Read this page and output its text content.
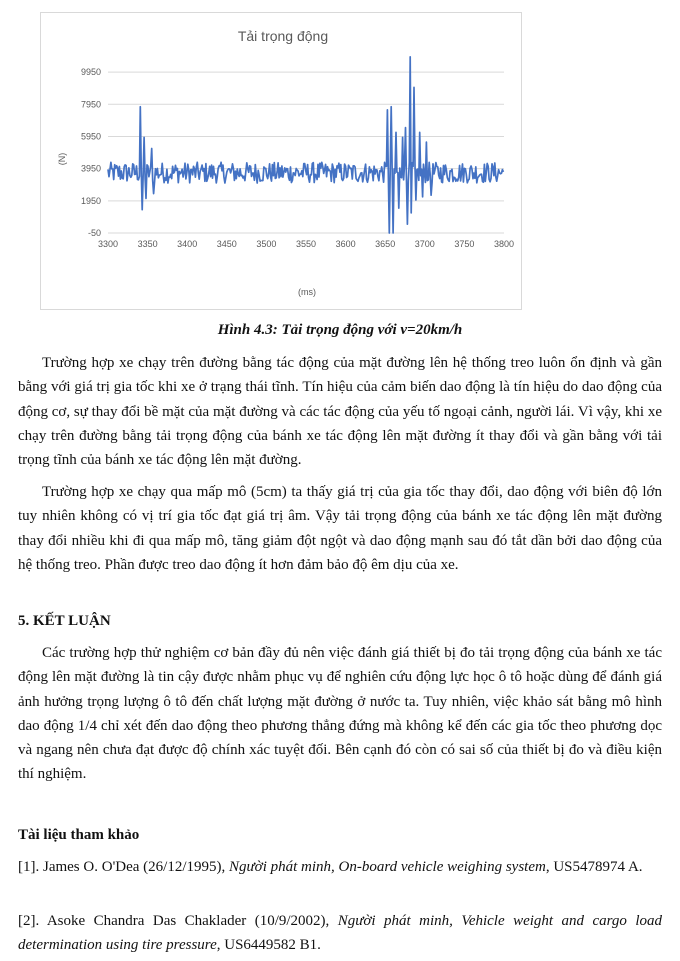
Tải trọng động
-50
1950
3950
5950
7950
9950
3300 3350 3400 3450 3500 3550 3600 3650 3700 3750 3800
(N)
(ms)
Hình 4.3: Tải trọng động với v=20km/h

Trường hợp xe chạy trên đường bằng tác động của mặt đường lên hệ thống treo luôn ổn định và gần bằng với giá trị gia tốc khi xe ở trạng thái tĩnh. Tín hiệu của cảm biến dao động là tín hiệu do dao động của động cơ, sự thay đổi bề mặt của mặt đường và các tác động của yếu tố ngoại cảnh, người lái. Vì vậy, khi xe chạy trên đường bằng tải trọng động của bánh xe tác động lên mặt đường ít thay đổi và gần bằng với tải trọng tĩnh của bánh xe tác động lên mặt đường.

Trường hợp xe chạy qua mấp mô (5cm) ta thấy giá trị của gia tốc thay đổi, dao động với biên độ lớn tuy nhiên không có vị trí gia tốc đạt giá trị âm. Vậy tải trọng động của bánh xe tác động lên mặt đường thay đổi nhiều khi đi qua mấp mô, tăng giảm đột ngột và dao động mạnh sau đó tắt dần bởi dao động của hệ thống treo. Phần được treo dao động ít hơn đảm bảo độ êm dịu của xe.

5. KẾT LUẬN

Các trường hợp thử nghiệm cơ bản đầy đủ nên việc đánh giá thiết bị đo tải trọng động của bánh xe tác động lên mặt đường là tin cậy được nhằm phục vụ để nghiên cứu động lực học ô tô hoặc dùng để đánh giá ảnh hưởng trọng lượng ô tô đến chất lượng mặt đường ở nước ta. Tuy nhiên, việc khảo sát bằng mô hình dao động 1/4 chỉ xét đến dao động theo phương thẳng đứng mà không kể đến các gia tốc theo phương dọc và ngang nên chưa đạt được độ chính xác tuyệt đối. Bên cạnh đó còn có sai số của thiết bị đo và điều kiện thí nghiệm.

Tài liệu tham khảo

[1]. James O. O'Dea (26/12/1995), Người phát minh, On-board vehicle weighing system, US5478974 A.

[2]. Asoke Chandra Das Chaklader (10/9/2002), Người phát minh, Vehicle weight and cargo load determination using tire pressure, US6449582 B1.
